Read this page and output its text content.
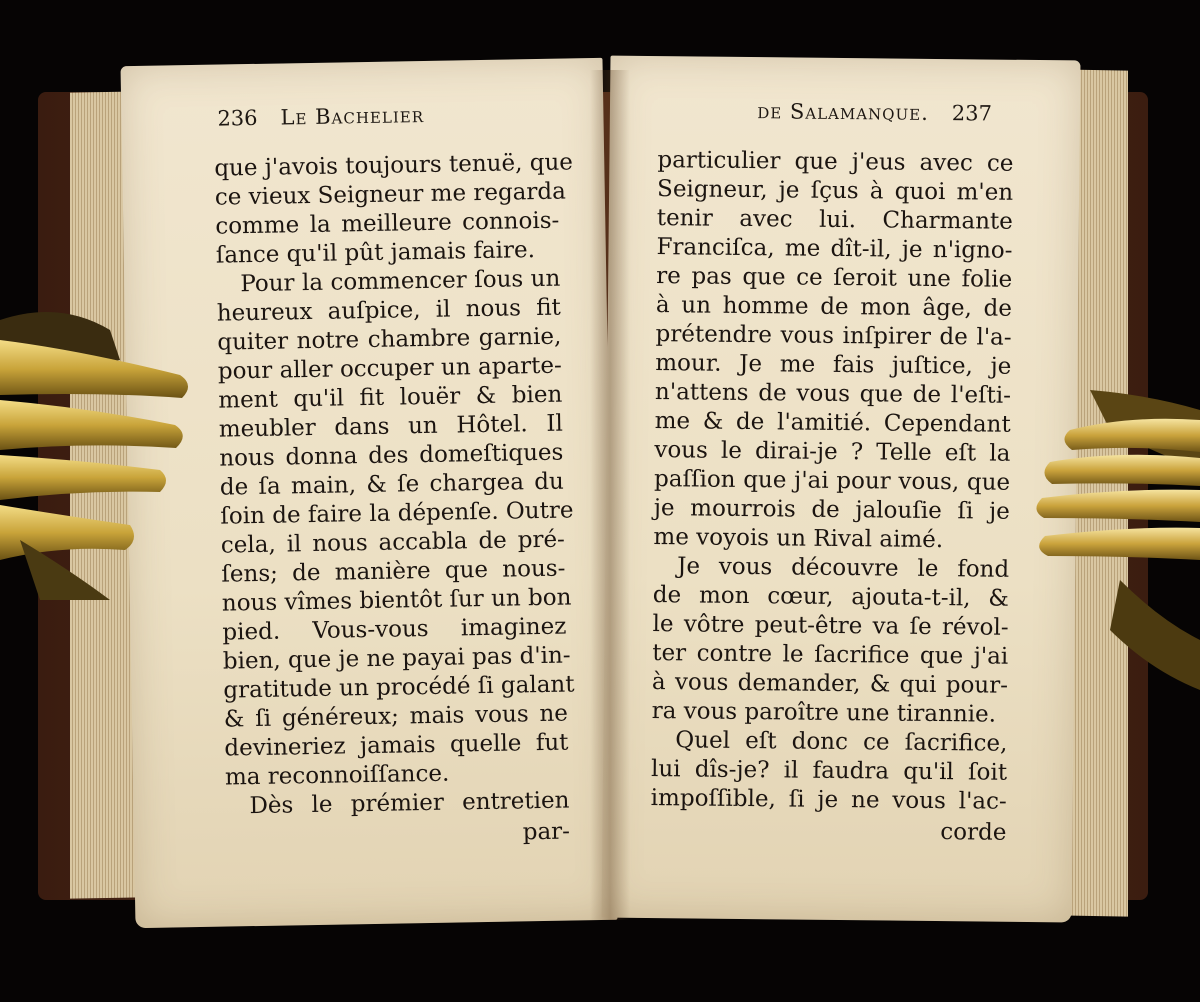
236 Le Bachelier
que j'avois toujours tenuë, que
ce vieux Seigneur me regarda
comme la meilleure connois-
ſance qu'il pût jamais faire.
Pour la commencer ſous un
heureux auſpice, il nous fit
quiter notre chambre garnie,
pour aller occuper un aparte-
ment qu'il fit louër & bien
meubler dans un Hôtel. Il
nous donna des domeſtiques
de ſa main, & ſe chargea du
ſoin de faire la dépenſe. Outre
cela, il nous accabla de pré-
ſens; de manière que nous-
nous vîmes bientôt ſur un bon
pied. Vous-vous imaginez
bien, que je ne payai pas d'in-
gratitude un procédé ſi galant
& ſi généreux; mais vous ne
devineriez jamais quelle fut
ma reconnoiſſance.
Dès le prémier entretien
par-
de Salamanque. 237
particulier que j'eus avec ce
Seigneur, je ſçus à quoi m'en
tenir avec lui. Charmante
Franciſca, me dît-il, je n'igno-
re pas que ce ſeroit une folie
à un homme de mon âge, de
prétendre vous inſpirer de l'a-
mour. Je me fais juſtice, je
n'attens de vous que de l'eſti-
me & de l'amitié. Cependant
vous le dirai-je ? Telle eſt la
paſſion que j'ai pour vous, que
je mourrois de jalouſie ſi je
me voyois un Rival aimé.
Je vous découvre le fond
de mon cœur, ajouta-t-il, &
le vôtre peut-être va ſe révol-
ter contre le ſacrifice que j'ai
à vous demander, & qui pour-
ra vous paroître une tirannie.
Quel eſt donc ce ſacrifice,
lui dîs-je? il faudra qu'il ſoit
impoſſible, ſi je ne vous l'ac-
corde
